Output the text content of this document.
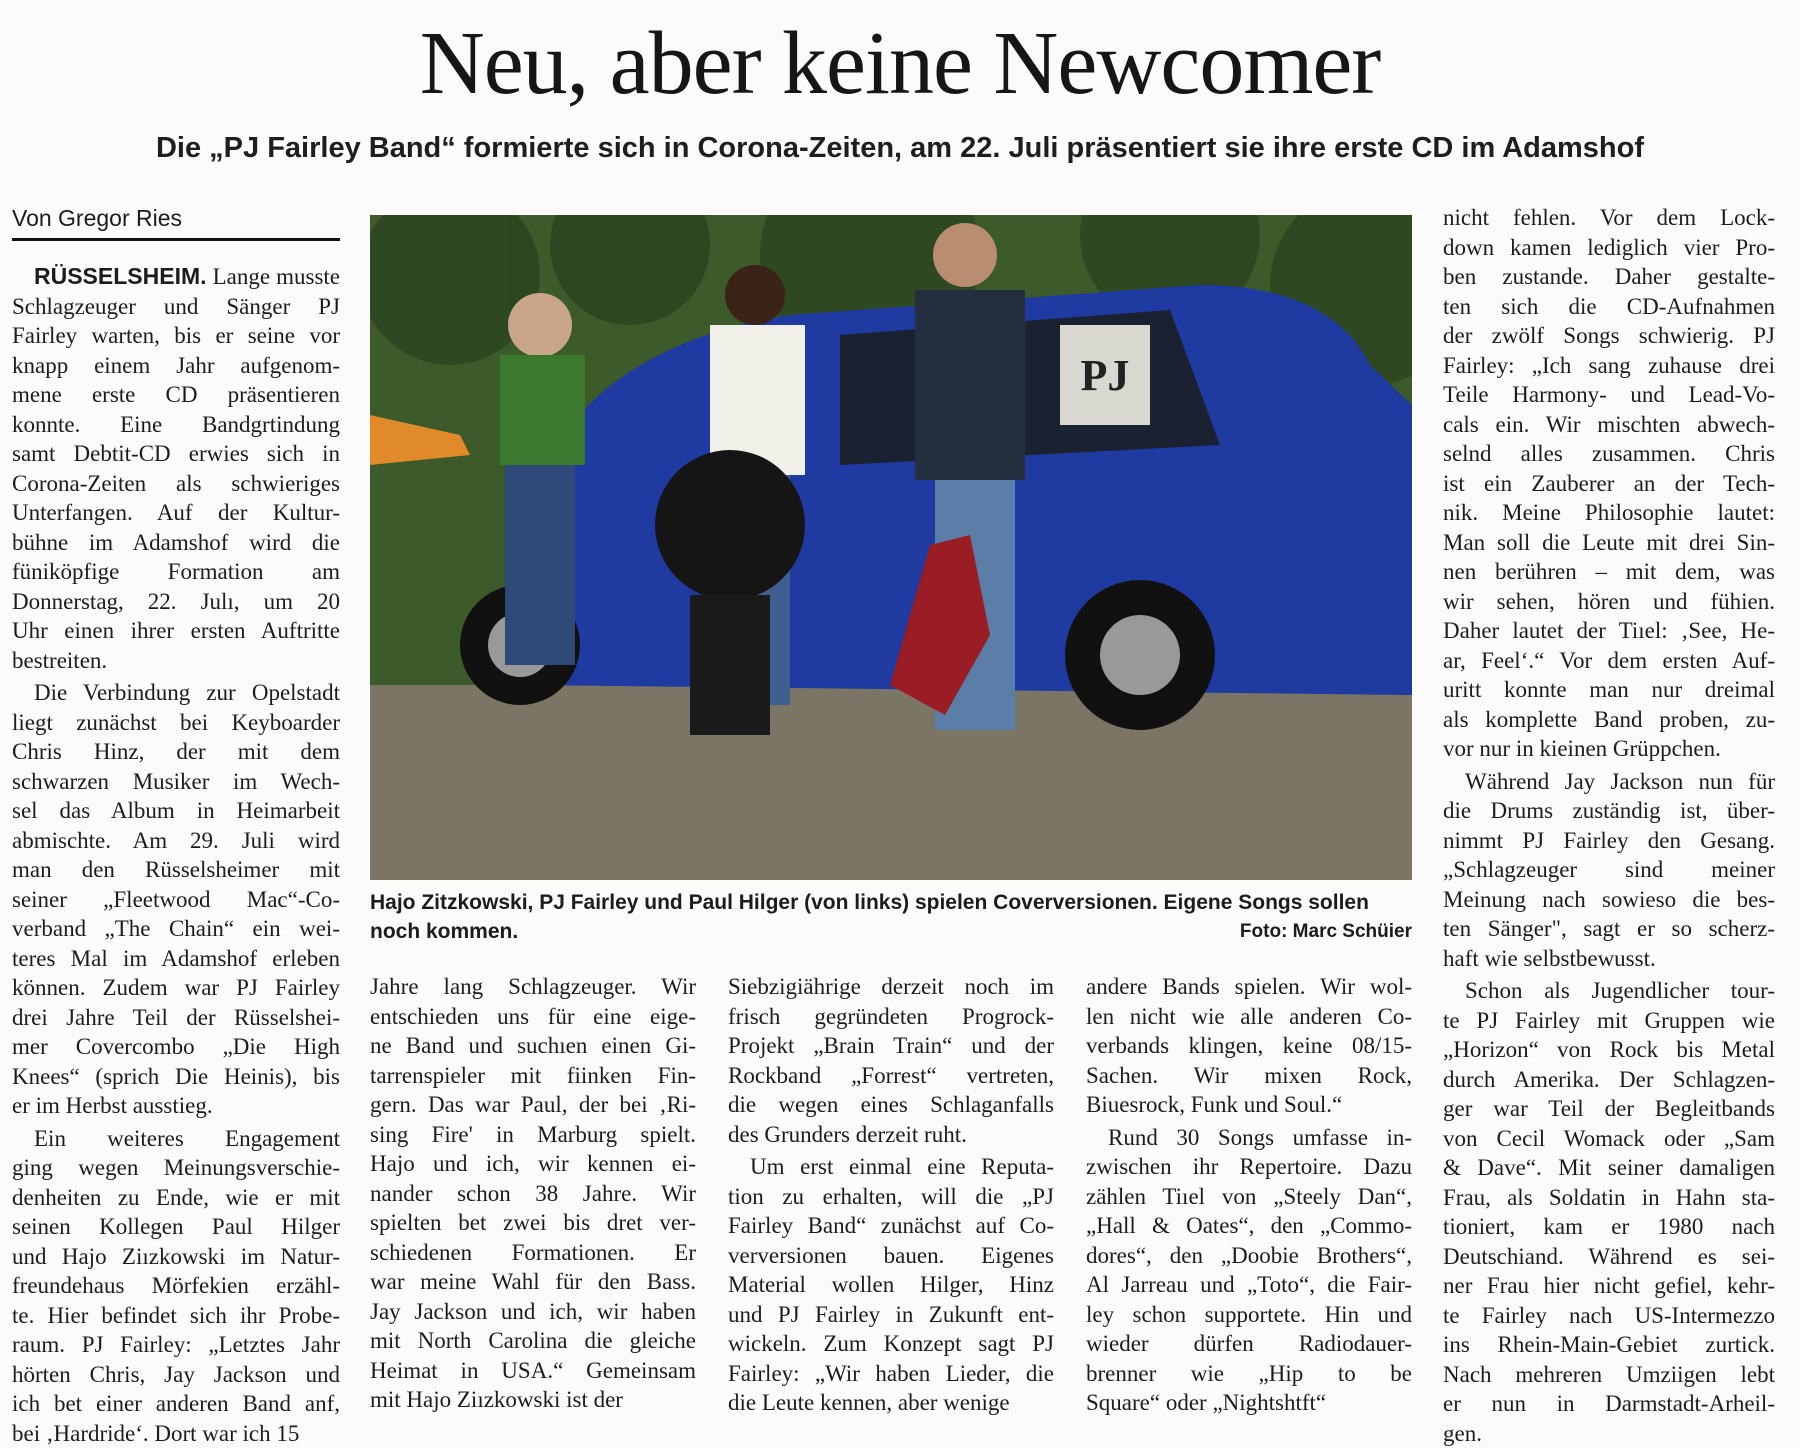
Neu, aber keine Newcomer
Die „PJ Fairley Band“ formierte sich in Corona-Zeiten, am 22. Juli präsentiert sie ihre erste CD im Adamshof
Von Gregor Ries
RÜSSELSHEIM. Lange musste
Schlagzeuger und Sänger PJ
Fairley warten, bis er seine vor
knapp einem Jahr aufgenom-
mene erste CD präsentieren
konnte. Eine Bandgrtindung
samt Debtit-CD erwies sich in
Corona-Zeiten als schwieriges
Unterfangen. Auf der Kultur-
bühne im Adamshof wird die
füniköpfige Formation am
Donnerstag, 22. Julı, um 20
Uhr einen ihrer ersten Auftritte
bestreiten.
Die Verbindung zur Opelstadt
liegt zunächst bei Keyboarder
Chris Hinz, der mit dem
schwarzen Musiker im Wech-
sel das Album in Heimarbeit
abmischte. Am 29. Juli wird
man den Rüsselsheimer mit
seiner „Fleetwood Mac“-Co-
verband „The Chain“ ein wei-
teres Mal im Adamshof erleben
können. Zudem war PJ Fairley
drei Jahre Teil der Rüsselshei-
mer Covercombo „Die High
Knees“ (sprich Die Heinis), bis
er im Herbst ausstieg.
Ein weiteres Engagement
ging wegen Meinungsverschie-
denheiten zu Ende, wie er mit
seinen Kollegen Paul Hilger
und Hajo Ziızkowski im Natur-
freundehaus Mörfekien erzähl-
te. Hier befindet sich ihr Probe-
raum. PJ Fairley: „Letztes Jahr
hörten Chris, Jay Jackson und
ich bet einer anderen Band anf,
bei ‚Hardride‘. Dort war ich 15
PJ
Hajo Zitzkowski, PJ Fairley und Paul Hilger (von links) spielen Coverversionen. Eigene Songs sollen
noch kommen.	Foto: Marc Schüier
Jahre lang Schlagzeuger. Wir
entschieden uns für eine eige-
ne Band und suchıen einen Gi-
tarrenspieler mit fiinken Fin-
gern. Das war Paul, der bei ‚Ri-
sing Fire' in Marburg spielt.
Hajo und ich, wir kennen ei-
nander schon 38 Jahre. Wir
spielten bet zwei bis dret ver-
schiedenen Formationen. Er
war meine Wahl für den Bass.
Jay Jackson und ich, wir haben
mit North Carolina die gleiche
Heimat in USA.“ Gemeinsam
mit Hajo Ziızkowski ist der
Siebzigiährige derzeit noch im
frisch gegründeten Progrock-
Projekt „Brain Train“ und der
Rockband „Forrest“ vertreten,
die wegen eines Schlaganfalls
des Grunders derzeit ruht.
Um erst einmal eine Reputa-
tion zu erhalten, will die „PJ
Fairley Band“ zunächst auf Co-
verversionen bauen. Eigenes
Material wollen Hilger, Hinz
und PJ Fairley in Zukunft ent-
wickeln. Zum Konzept sagt PJ
Fairley: „Wir haben Lieder, die
die Leute kennen, aber wenige
andere Bands spielen. Wir wol-
len nicht wie alle anderen Co-
verbands klingen, keine 08/15-
Sachen. Wir mixen Rock,
Biuesrock, Funk und Soul.“
Rund 30 Songs umfasse in-
zwischen ihr Repertoire. Dazu
zählen Tiıel von „Steely Dan“,
„Hall & Oates“, den „Commo-
dores“, den „Doobie Brothers“,
Al Jarreau und „Toto“, die Fair-
ley schon supportete. Hin und
wieder dürfen Radiodauer-
brenner wie „Hip to be
Square“ oder „Nightshtft“
nicht fehlen. Vor dem Lock-
down kamen lediglich vier Pro-
ben zustande. Daher gestalte-
ten sich die CD-Aufnahmen
der zwölf Songs schwierig. PJ
Fairley: „Ich sang zuhause drei
Teile Harmony- und Lead-Vo-
cals ein. Wir mischten abwech-
selnd alles zusammen. Chris
ist ein Zauberer an der Tech-
nik. Meine Philosophie lautet:
Man soll die Leute mit drei Sin-
nen berühren – mit dem, was
wir sehen, hören und fühien.
Daher lautet der Tiıel: ‚See, He-
ar, Feel‘.“ Vor dem ersten Auf-
uritt konnte man nur dreimal
als komplette Band proben, zu-
vor nur in kieinen Grüppchen.
Während Jay Jackson nun für
die Drums zuständig ist, über-
nimmt PJ Fairley den Gesang.
„Schlagzeuger sind meiner
Meinung nach sowieso die bes-
ten Sänger", sagt er so scherz-
haft wie selbstbewusst.
Schon als Jugendlicher tour-
te PJ Fairley mit Gruppen wie
„Horizon“ von Rock bis Metal
durch Amerika. Der Schlagzen-
ger war Teil der Begleitbands
von Cecil Womack oder „Sam
& Dave“. Mit seiner damaligen
Frau, als Soldatin in Hahn sta-
tioniert, kam er 1980 nach
Deutschiand. Während es sei-
ner Frau hier nicht gefiel, kehr-
te Fairley nach US-Intermezzo
ins Rhein-Main-Gebiet zurtick.
Nach mehreren Umziigen lebt
er nun in Darmstadt-Arheil-
gen.
